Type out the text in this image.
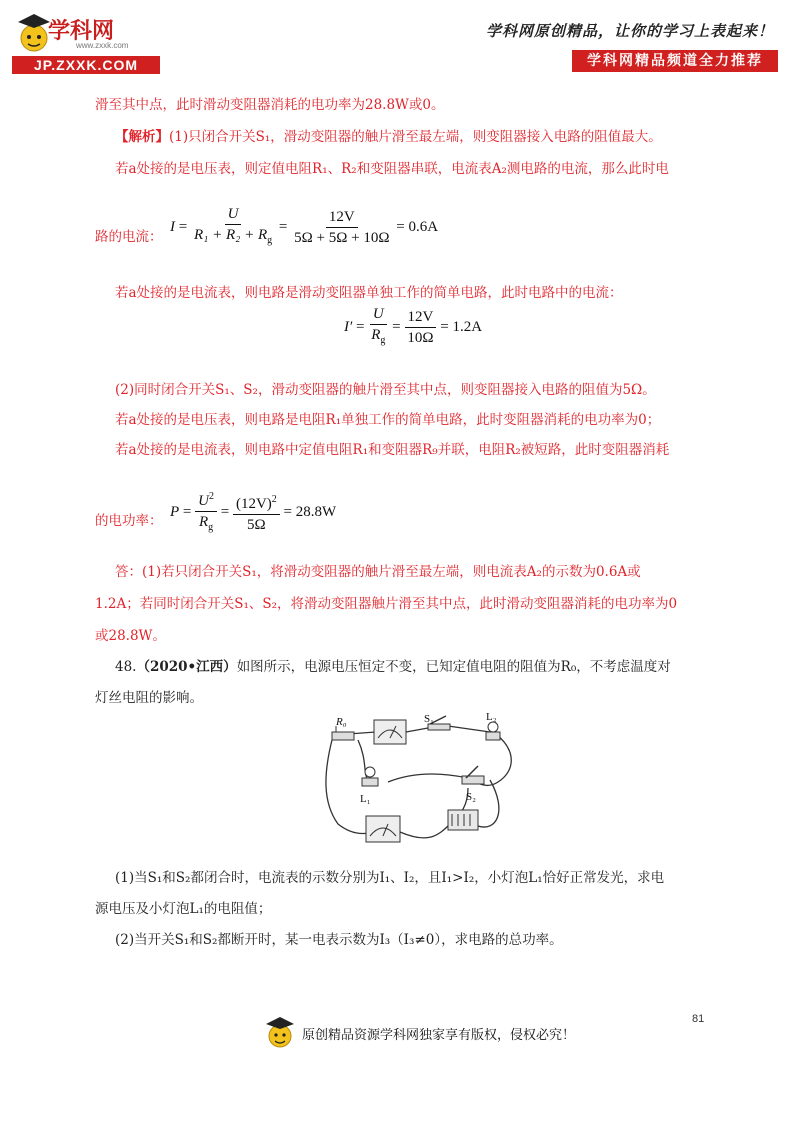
学科网
www.zxxk.com
JP.ZXXK.COM
学科网原创精品，让你的学习上表起来！
学科网精品频道全力推荐
滑至其中点，此时滑动变阻器消耗的电功率为28.8W或0。
【解析】(1)只闭合开关S₁，滑动变阻器的触片滑至最左端，则变阻器接入电路的阻值最大。
若a处接的是电压表，则定值电阻R₁、R₂和变阻器串联，电流表A₂测电路的电流，那么此时电
路的电流：
$I = \frac{U}{R_1 + R_2 + R_g} = \frac{12V}{5\Omega + 5\Omega + 10\Omega} = 0.6A$
若a处接的是电流表，则电路是滑动变阻器单独工作的简单电路，此时电路中的电流：
$I' = \frac{U}{R_g} = \frac{12V}{10\Omega} = 1.2A$
(2)同时闭合开关S₁、S₂，滑动变阻器的触片滑至其中点，则变阻器接入电路的阻值为5Ω。
若a处接的是电压表，则电路是电阻R₁单独工作的简单电路，此时变阻器消耗的电功率为0；
若a处接的是电流表，则电路中定值电阻R₁和变阻器R₉并联，电阻R₂被短路，此时变阻器消耗
的电功率：
$P = \frac{U^2}{R_g} = \frac{(12V)^2}{5\Omega} = 28.8W$
答：(1)若只闭合开关S₁，将滑动变阻器的触片滑至最左端，则电流表A₂的示数为0.6A或
1.2A；若同时闭合开关S₁、S₂，将滑动变阻器触片滑至其中点，此时滑动变阻器消耗的电功率为0
或28.8W。
48.（2020•江西）如图所示，电源电压恒定不变，已知定值电阻的阻值为R₀，不考虑温度对
灯丝电阻的影响。
R₀	S₁	L₂
L₁	S₂
(1)当S₁和S₂都闭合时，电流表的示数分别为I₁、I₂，且I₁>I₂，小灯泡L₁恰好正常发光，求电
源电压及小灯泡L₁的电阻值；
(2)当开关S₁和S₂都断开时，某一电表示数为I₃（I₃≠0），求电路的总功率。
81
原创精品资源学科网独家享有版权，侵权必究！
